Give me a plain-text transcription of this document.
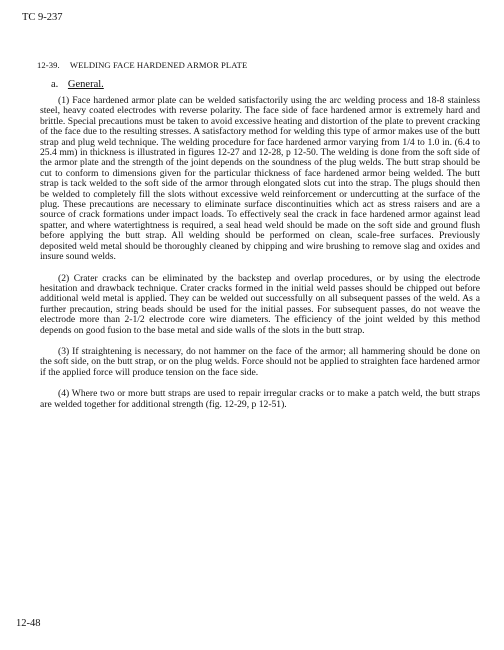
TC 9-237
12-39. WELDING FACE HARDENED ARMOR PLATE
a. General.

(1) Face hardened armor plate can be welded satisfactorily using the arc welding process and 18-8 stainless steel, heavy coated electrodes with reverse polarity. The face side of face hardened armor is extremely hard and brittle. Special precautions must be taken to avoid excessive heating and distortion of the plate to prevent cracking of the face due to the resulting stresses. A satisfactory method for welding this type of armor makes use of the butt strap and plug weld technique. The welding procedure for face hardened armor varying from 1/4 to 1.0 in. (6.4 to 25.4 mm) in thickness is illustrated in figures 12-27 and 12-28, p 12-50. The welding is done from the soft side of the armor plate and the strength of the joint depends on the soundness of the plug welds. The butt strap should be cut to conform to dimensions given for the particular thickness of face hardened armor being welded. The butt strap is tack welded to the soft side of the armor through elongated slots cut into the strap. The plugs should then be welded to completely fill the slots without excessive weld reinforcement or undercutting at the surface of the plug. These precautions are necessary to eliminate surface discontinuities which act as stress raisers and are a source of crack formations under impact loads. To effectively seal the crack in face hardened armor against lead spatter, and where watertightness is required, a seal head weld should be made on the soft side and ground flush before applying the butt strap. All welding should be performed on clean, scale-free surfaces. Previously deposited weld metal should be thoroughly cleaned by chipping and wire brushing to remove slag and oxides and insure sound welds.

(2) Crater cracks can be eliminated by the backstep and overlap procedures, or by using the electrode hesitation and drawback technique. Crater cracks formed in the initial weld passes should be chipped out before additional weld metal is applied. They can be welded out successfully on all subsequent passes of the weld. As a further precaution, string beads should be used for the initial passes. For subsequent passes, do not weave the electrode more than 2-1/2 electrode core wire diameters. The efficiency of the joint welded by this method depends on good fusion to the base metal and side walls of the slots in the butt strap.

(3) If straightening is necessary, do not hammer on the face of the armor; all hammering should be done on the soft side, on the butt strap, or on the plug welds. Force should not be applied to straighten face hardened armor if the applied force will produce tension on the face side.

(4) Where two or more butt straps are used to repair irregular cracks or to make a patch weld, the butt straps are welded together for additional strength (fig. 12-29, p 12-51).

12-48
